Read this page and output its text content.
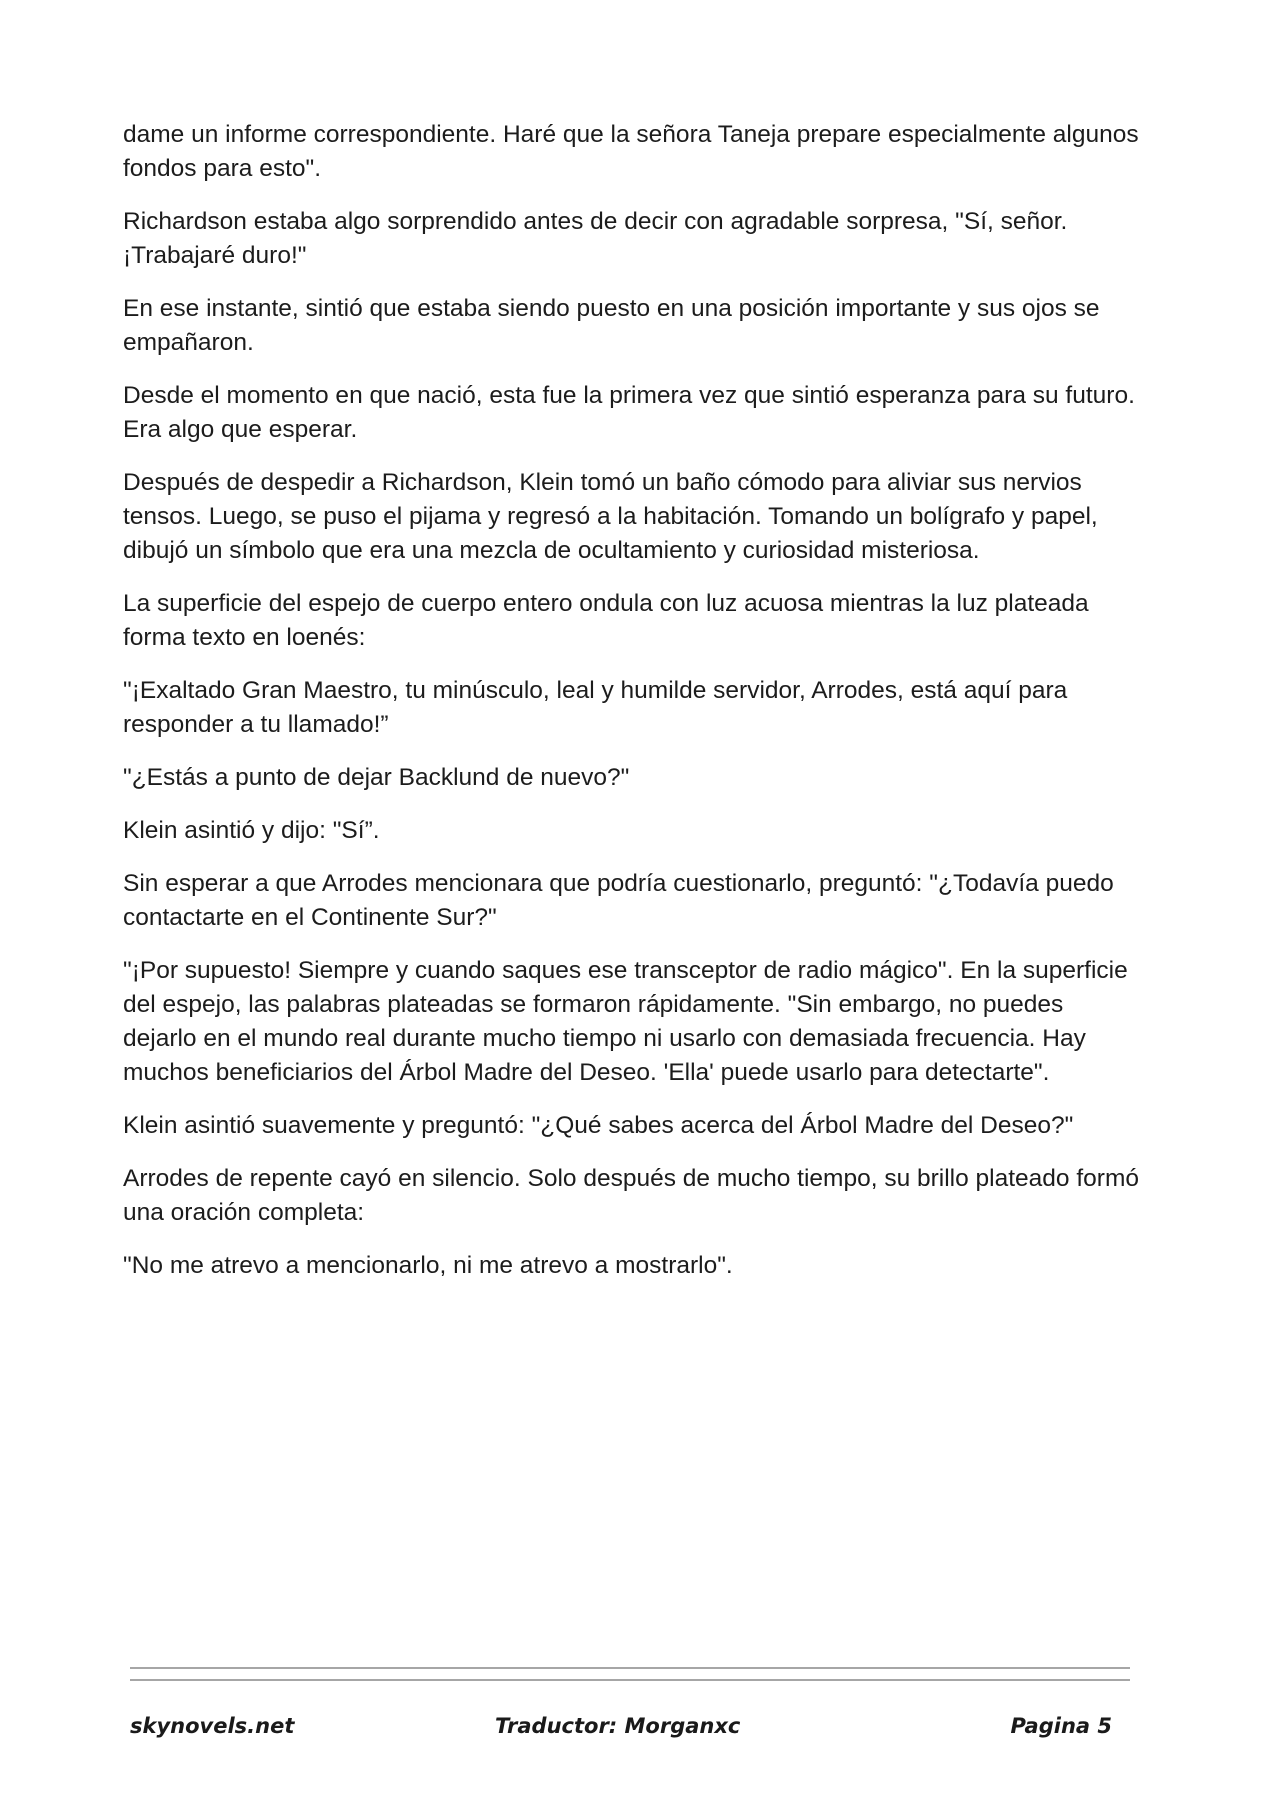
dame un informe correspondiente. Haré que la señora Taneja prepare especialmente algunos fondos para esto".

Richardson estaba algo sorprendido antes de decir con agradable sorpresa, "Sí, señor. ¡Trabajaré duro!"

En ese instante, sintió que estaba siendo puesto en una posición importante y sus ojos se empañaron.

Desde el momento en que nació, esta fue la primera vez que sintió esperanza para su futuro. Era algo que esperar.

Después de despedir a Richardson, Klein tomó un baño cómodo para aliviar sus nervios tensos. Luego, se puso el pijama y regresó a la habitación. Tomando un bolígrafo y papel, dibujó un símbolo que era una mezcla de ocultamiento y curiosidad misteriosa.

La superficie del espejo de cuerpo entero ondula con luz acuosa mientras la luz plateada forma texto en loenés:

"¡Exaltado Gran Maestro, tu minúsculo, leal y humilde servidor, Arrodes, está aquí para responder a tu llamado!”

"¿Estás a punto de dejar Backlund de nuevo?"

Klein asintió y dijo: "Sí”.

Sin esperar a que Arrodes mencionara que podría cuestionarlo, preguntó: "¿Todavía puedo contactarte en el Continente Sur?"

"¡Por supuesto! Siempre y cuando saques ese transceptor de radio mágico". En la superficie del espejo, las palabras plateadas se formaron rápidamente. "Sin embargo, no puedes dejarlo en el mundo real durante mucho tiempo ni usarlo con demasiada frecuencia. Hay muchos beneficiarios del Árbol Madre del Deseo. 'Ella' puede usarlo para detectarte".

Klein asintió suavemente y preguntó: "¿Qué sabes acerca del Árbol Madre del Deseo?"

Arrodes de repente cayó en silencio. Solo después de mucho tiempo, su brillo plateado formó una oración completa:

"No me atrevo a mencionarlo, ni me atrevo a mostrarlo".

skynovels.net	Traductor: Morganxc	Pagina 5
